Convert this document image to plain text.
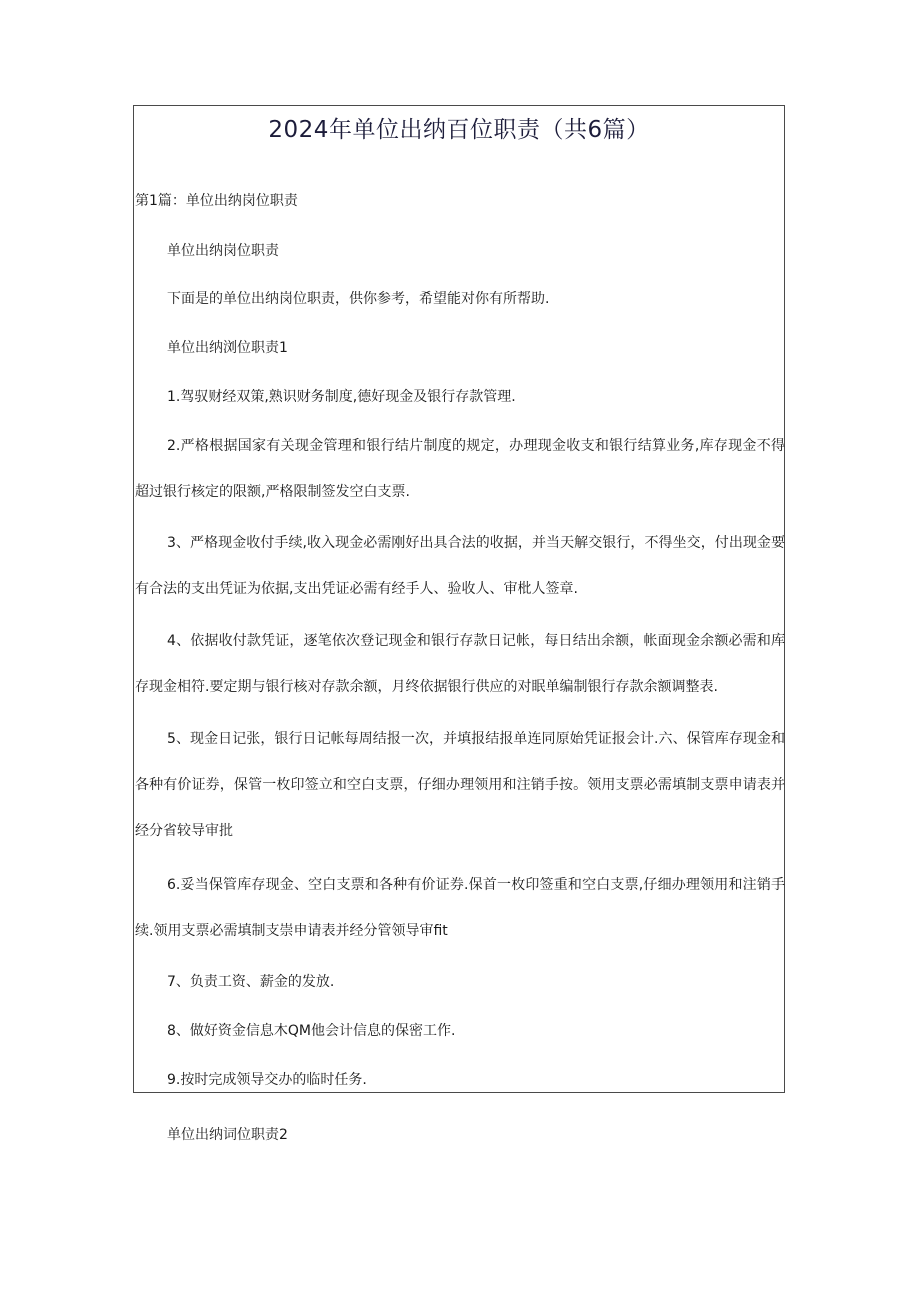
2024年单位出纳百位职责（共6篇）

第1篇：单位出纳岗位职责

单位出纳岗位职责

下面是的单位出纳岗位职责，供你参考，希望能对你有所帮助.

单位出纳浏位职责1

1.驾驭财经双策,熟识财务制度,德好现金及银行存款管理.

2.严格根据国家有关现金管理和银行结片制度的规定，办理现金收支和银行结算业务,库存现金不得超过银行核定的限额,严格限制签发空白支票.

3、严格现金收付手续,收入现金必需刚好出具合法的收据，并当天解交银行，不得坐交，付出现金要有合法的支出凭证为依据,支出凭证必需有经手人、验收人、审枇人签章.

4、依据收付款凭证，逐笔依次登记现金和银行存款日记帐，每日结出余额，帐面现金余额必需和库存现金相符.要定期与银行核对存款余额，月终依据银行供应的对眠单编制银行存款余额调整表.

5、现金日记张，银行日记帐每周结报一次，并填报结报单连同原始凭证报会计.六、保管库存现金和各种有价证券，保管一枚印签立和空白支票，仔细办理领用和注销手按。领用支票必需填制支票申请表并经分省较导审批

6.妥当保管库存现金、空白支票和各种有价证券.保首一枚印签重和空白支票,仔细办理领用和注销手续.领用支票必需填制支崇申请表并经分管领导审fit

7、负责工资、薪金的发放.

8、做好资金信息木QM他会计信息的保密工作.

9.按时完成领导交办的临时任务.

单位出纳词位职责2
